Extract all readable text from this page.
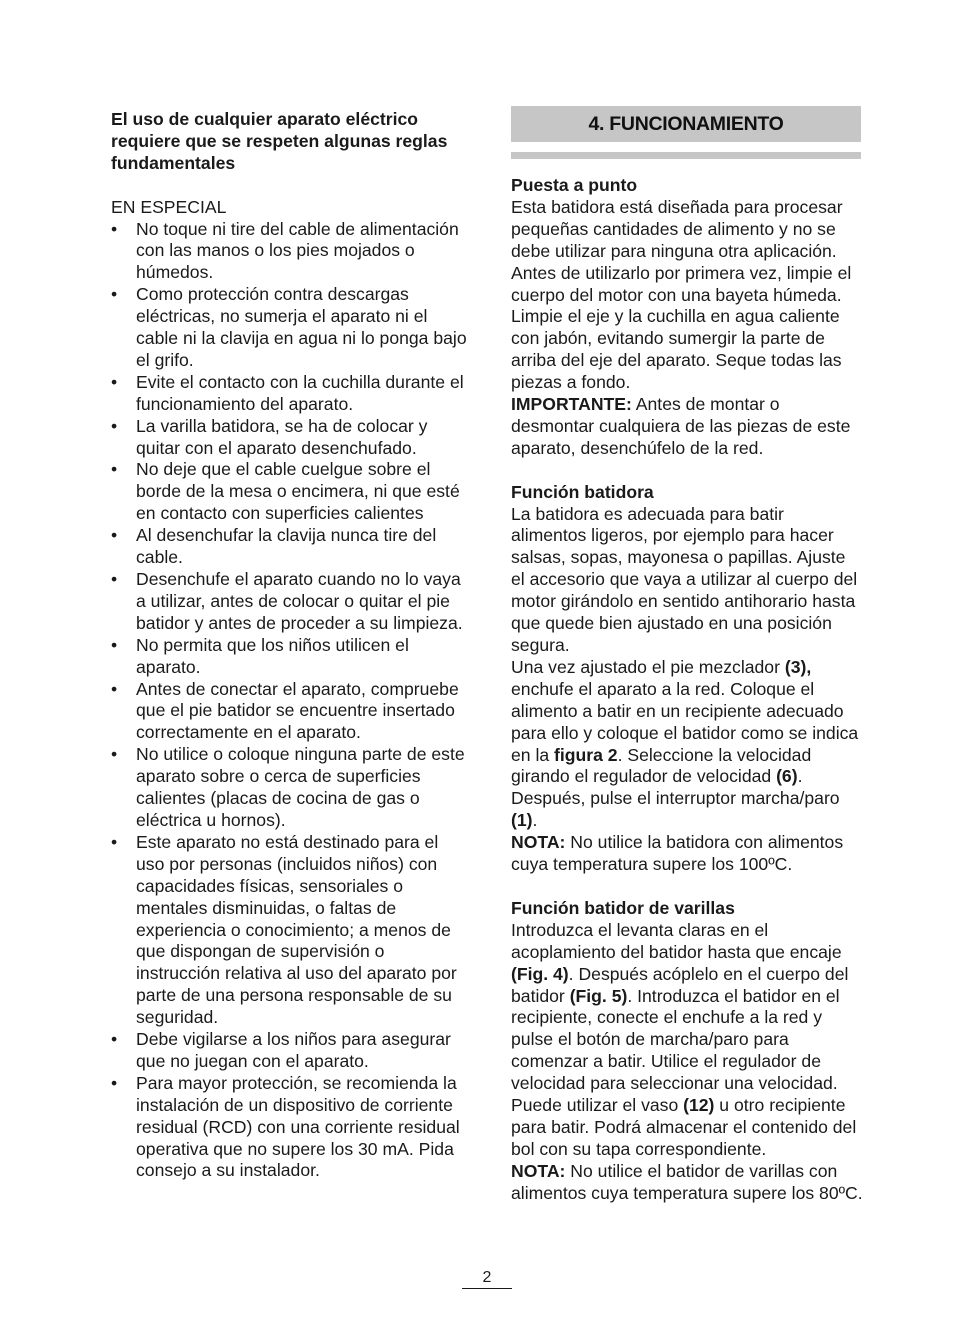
El uso de cualquier aparato eléctrico requiere que se respeten algunas reglas fundamentales

EN ESPECIAL

• No toque ni tire del cable de alimentación con las manos o los pies mojados o húmedos.
• Como protección contra descargas eléctricas, no sumerja el aparato ni el cable ni la clavija en agua ni lo ponga bajo el grifo.
• Evite el contacto con la cuchilla durante el funcionamiento del aparato.
• La varilla batidora, se ha de colocar y quitar con el aparato desenchufado.
• No deje que el cable cuelgue sobre el borde de la mesa o encimera, ni que esté en contacto con superficies calientes
• Al desenchufar la clavija nunca tire del cable.
• Desenchufe el aparato cuando no lo vaya a utilizar, antes de colocar o quitar el pie batidor y antes de proceder a su limpieza.
• No permita que los niños utilicen el aparato.
• Antes de conectar el aparato, compruebe que el pie batidor se encuentre insertado correctamente en el aparato.
• No utilice o coloque ninguna parte de este aparato sobre o cerca de superficies calientes (placas de cocina de gas o eléctrica u hornos).
• Este aparato no está destinado para el uso por personas (incluidos niños) con capacidades físicas, sensoriales o mentales disminuidas, o faltas de experiencia o conocimiento; a menos de que dispongan de supervisión o instrucción relativa al uso del aparato por parte de una persona responsable de su seguridad.
• Debe vigilarse a los niños para asegurar que no juegan con el aparato.
• Para mayor protección, se recomienda la instalación de un dispositivo de corriente residual (RCD) con una corriente residual operativa que no supere los 30 mA. Pida consejo a su instalador.
4. FUNCIONAMIENTO

Puesta a punto

Esta batidora está diseñada para procesar pequeñas cantidades de alimento y no se debe utilizar para ninguna otra aplicación. Antes de utilizarlo por primera vez, limpie el cuerpo del motor con una bayeta húmeda. Limpie el eje y la cuchilla en agua caliente con jabón, evitando sumergir la parte de arriba del eje del aparato. Seque todas las piezas a fondo.

IMPORTANTE: Antes de montar o desmontar cualquiera de las piezas de este aparato, desenchúfelo de la red.

Función batidora

La batidora es adecuada para batir alimentos ligeros, por ejemplo para hacer salsas, sopas, mayonesa o papillas. Ajuste el accesorio que vaya a utilizar al cuerpo del motor girándolo en sentido antihorario hasta que quede bien ajustado en una posición segura.

Una vez ajustado el pie mezclador (3), enchufe el aparato a la red. Coloque el alimento a batir en un recipiente adecuado para ello y coloque el batidor como se indica en la figura 2. Seleccione la velocidad girando el regulador de velocidad (6). Después, pulse el interruptor marcha/paro (1).

NOTA: No utilice la batidora con alimentos cuya temperatura supere los 100ºC.

Función batidor de varillas

Introduzca el levanta claras en el acoplamiento del batidor hasta que encaje (Fig. 4). Después acóplelo en el cuerpo del batidor (Fig. 5). Introduzca el batidor en el recipiente, conecte el enchufe a la red y pulse el botón de marcha/paro para comenzar a batir. Utilice el regulador de velocidad para seleccionar una velocidad. Puede utilizar el vaso (12) u otro recipiente para batir. Podrá almacenar el contenido del bol con su tapa correspondiente.

NOTA: No utilice el batidor de varillas con alimentos cuya temperatura supere los 80ºC.

2
